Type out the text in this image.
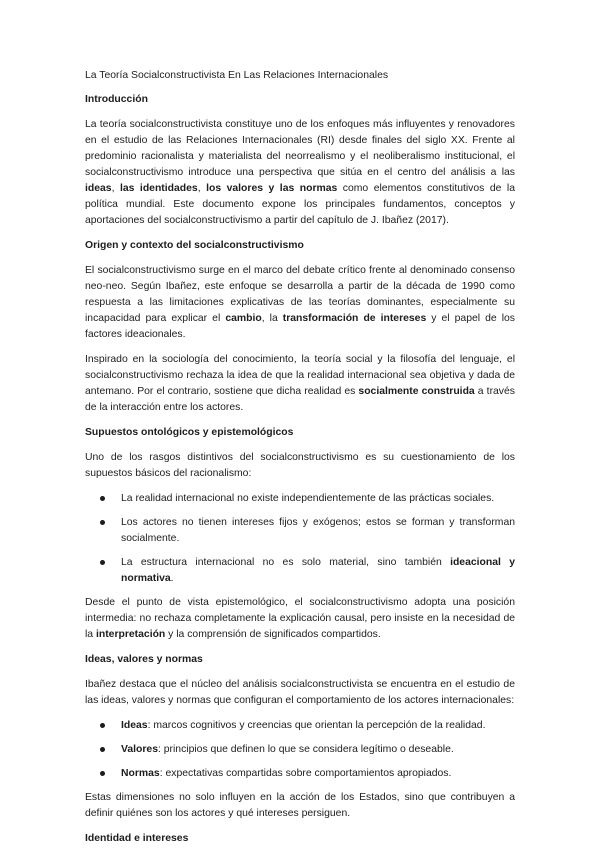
La Teoría Socialconstructivista En Las Relaciones Internacionales
Introducción

La teoría socialconstructivista constituye uno de los enfoques más influyentes y renovadores en el estudio de las Relaciones Internacionales (RI) desde finales del siglo XX. Frente al predominio racionalista y materialista del neorrealismo y el neoliberalismo institucional, el socialconstructivismo introduce una perspectiva que sitúa en el centro del análisis a las ideas, las identidades, los valores y las normas como elementos constitutivos de la política mundial. Este documento expone los principales fundamentos, conceptos y aportaciones del socialconstructivismo a partir del capítulo de J. Ibañez (2017).

Origen y contexto del socialconstructivismo

El socialconstructivismo surge en el marco del debate crítico frente al denominado consenso neo-neo. Según Ibañez, este enfoque se desarrolla a partir de la década de 1990 como respuesta a las limitaciones explicativas de las teorías dominantes, especialmente su incapacidad para explicar el cambio, la transformación de intereses y el papel de los factores ideacionales.

Inspirado en la sociología del conocimiento, la teoría social y la filosofía del lenguaje, el socialconstructivismo rechaza la idea de que la realidad internacional sea objetiva y dada de antemano. Por el contrario, sostiene que dicha realidad es socialmente construida a través de la interacción entre los actores.

Supuestos ontológicos y epistemológicos

Uno de los rasgos distintivos del socialconstructivismo es su cuestionamiento de los supuestos básicos del racionalismo:

La realidad internacional no existe independientemente de las prácticas sociales.
Los actores no tienen intereses fijos y exógenos; estos se forman y transforman socialmente.
La estructura internacional no es solo material, sino también ideacional y normativa.

Desde el punto de vista epistemológico, el socialconstructivismo adopta una posición intermedia: no rechaza completamente la explicación causal, pero insiste en la necesidad de la interpretación y la comprensión de significados compartidos.

Ideas, valores y normas

Ibañez destaca que el núcleo del análisis socialconstructivista se encuentra en el estudio de las ideas, valores y normas que configuran el comportamiento de los actores internacionales:

Ideas: marcos cognitivos y creencias que orientan la percepción de la realidad.
Valores: principios que definen lo que se considera legítimo o deseable.
Normas: expectativas compartidas sobre comportamientos apropiados.

Estas dimensiones no solo influyen en la acción de los Estados, sino que contribuyen a definir quiénes son los actores y qué intereses persiguen.

Identidad e intereses
